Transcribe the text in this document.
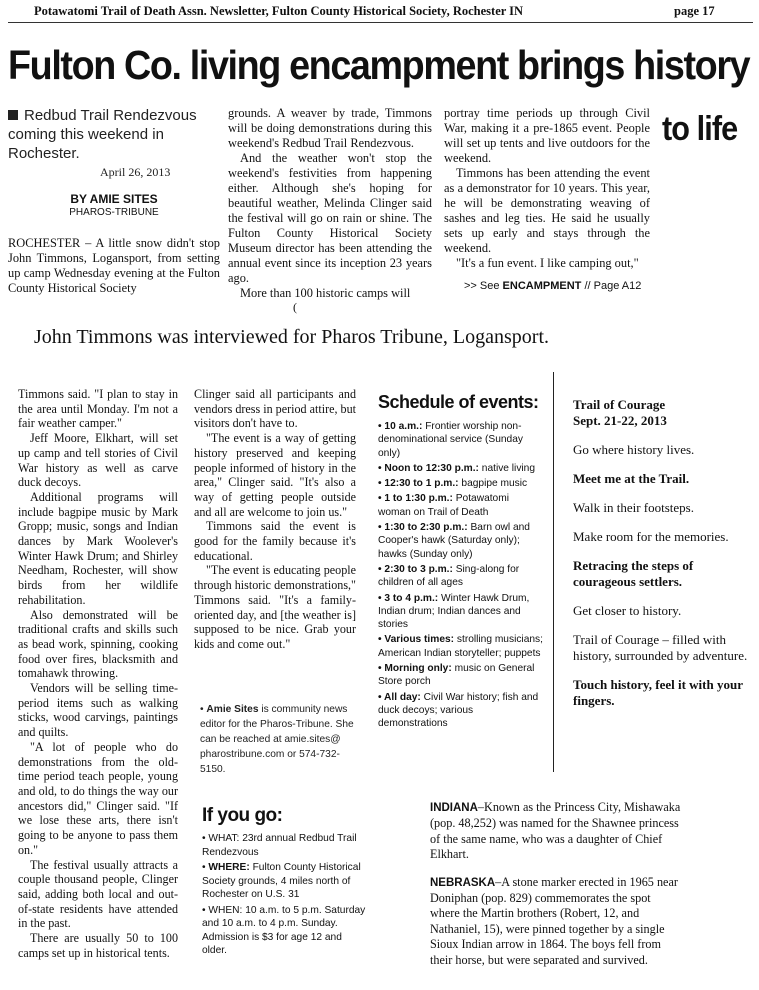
Potawatomi Trail of Death Assn. Newsletter, Fulton County Historical Society, Rochester IN	page 17
Fulton Co. living encampment brings history
to life
Redbud Trail Rendezvous coming this weekend in Rochester.
April 26, 2013
BY AMIE SITES
PHAROS-TRIBUNE

ROCHESTER – A little snow didn't stop John Timmons, Logansport, from setting up camp Wednesday evening at the Fulton County Historical Society

grounds. A weaver by trade, Timmons will be doing demonstrations during this weekend's Redbud Trail Rendezvous.

And the weather won't stop the weekend's festivities from happening either. Although she's hoping for beautiful weather, Melinda Clinger said the festival will go on rain or shine. The Fulton County Historical Society Museum director has been attending the annual event since its inception 23 years ago.

More than 100 historic camps will

portray time periods up through Civil War, making it a pre-1865 event. People will set up tents and live outdoors for the weekend.

Timmons has been attending the event as a demonstrator for 10 years. This year, he will be demonstrating weaving of sashes and leg ties. He said he usually sets up early and stays through the weekend.

"It's a fun event. I like camping out,"

>> See ENCAMPMENT // Page A12
(
John Timmons was interviewed for Pharos Tribune, Logansport.

Timmons said. "I plan to stay in the area until Monday. I'm not a fair weather camper."

Jeff Moore, Elkhart, will set up camp and tell stories of Civil War history as well as carve duck decoys.

Additional programs will include bagpipe music by Mark Gropp; music, songs and Indian dances by Mark Woolever's Winter Hawk Drum; and Shirley Needham, Rochester, will show birds from her wildlife rehabilitation.

Also demonstrated will be traditional crafts and skills such as bead work, spinning, cooking food over fires, blacksmith and tomahawk throwing.

Vendors will be selling time-period items such as walking sticks, wood carvings, paintings and quilts.

"A lot of people who do demonstrations from the old-time period teach people, young and old, to do things the way our ancestors did," Clinger said. "If we lose these arts, there isn't going to be anyone to pass them on."

The festival usually attracts a couple thousand people, Clinger said, adding both local and out-of-state residents have attended in the past.

There are usually 50 to 100 camps set up in historical tents.

Clinger said all participants and vendors dress in period attire, but visitors don't have to.

"The event is a way of getting history preserved and keeping people informed of history in the area," Clinger said. "It's also a way of getting people outside and all are welcome to join us."

Timmons said the event is good for the family because it's educational.

"The event is educating people through historic demonstrations," Timmons said. "It's a family-oriented day, and [the weather is] supposed to be nice. Grab your kids and come out."

• Amie Sites is community news editor for the Pharos-Tribune. She can be reached at amie.sites@ pharostribune.com or 574-732-5150.
Schedule of events:
• 10 a.m.: Frontier worship non-denominational service (Sunday only)
• Noon to 12:30 p.m.: native living
• 12:30 to 1 p.m.: bagpipe music
• 1 to 1:30 p.m.: Potawatomi woman on Trail of Death
• 1:30 to 2:30 p.m.: Barn owl and Cooper's hawk (Saturday only); hawks (Sunday only)
• 2:30 to 3 p.m.: Sing-along for children of all ages
• 3 to 4 p.m.: Winter Hawk Drum, Indian drum; Indian dances and stories
• Various times: strolling musicians; American Indian storyteller; puppets
• Morning only: music on General Store porch
• All day: Civil War history; fish and duck decoys; various demonstrations
Trail of Courage
Sept. 21-22, 2013
Go where history lives.
Meet me at the Trail.
Walk in their footsteps.
Make room for the memories.
Retracing the steps of courageous settlers.
Get closer to history.
Trail of Courage – filled with history, surrounded by adventure.
Touch history, feel it with your fingers.
If you go:
• WHAT: 23rd annual Redbud Trail Rendezvous
• WHERE: Fulton County Historical Society grounds, 4 miles north of Rochester on U.S. 31
• WHEN: 10 a.m. to 5 p.m. Saturday and 10 a.m. to 4 p.m. Sunday. Admission is $3 for age 12 and older.

INDIANA–Known as the Princess City, Mishawaka (pop. 48,252) was named for the Shawnee princess of the same name, who was a daughter of Chief Elkhart.

NEBRASKA–A stone marker erected in 1965 near Doniphan (pop. 829) commemorates the spot where the Martin brothers (Robert, 12, and Nathaniel, 15), were pinned together by a single Sioux Indian arrow in 1864. The boys fell from their horse, but were separated and survived.
